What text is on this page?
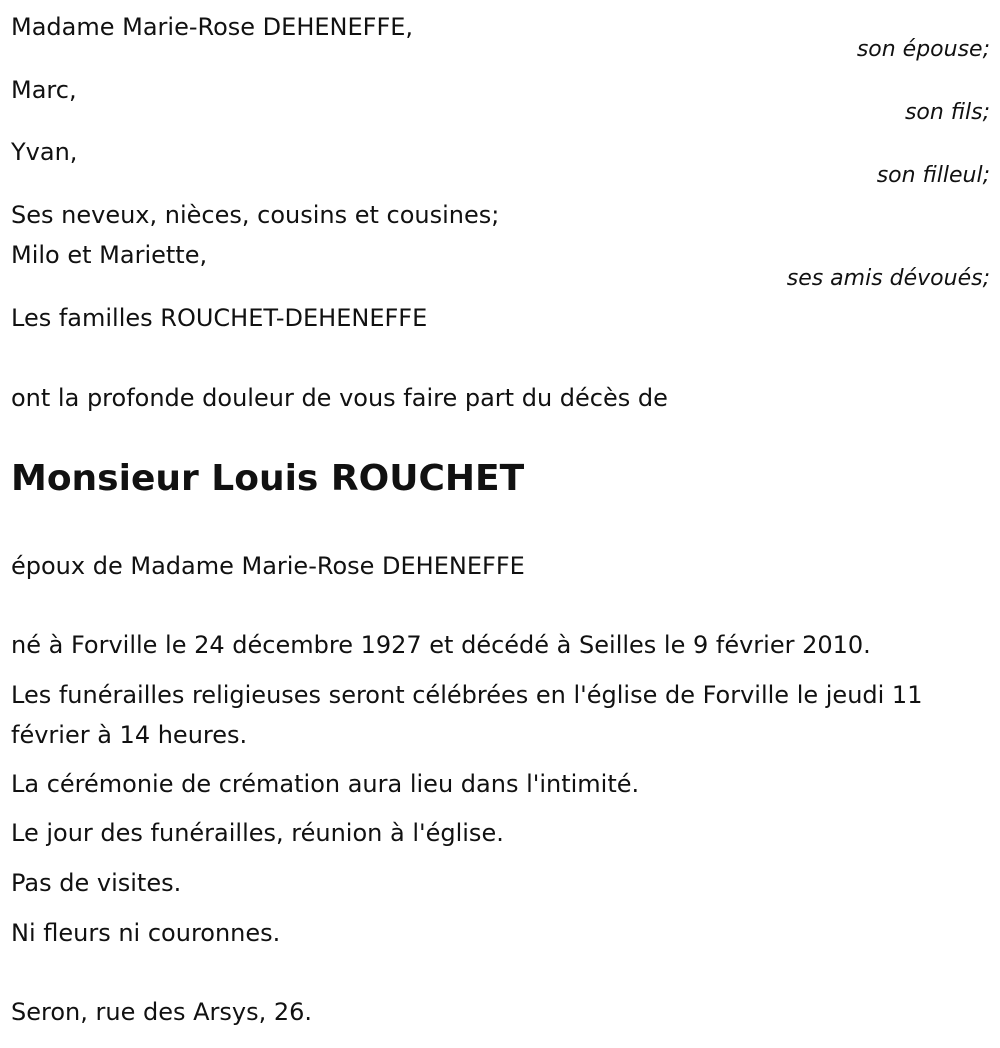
Madame Marie-Rose DEHENEFFE,
son épouse;
Marc,
son fils;
Yvan,
son filleul;
Ses neveux, nièces, cousins et cousines;
Milo et Mariette,
ses amis dévoués;
Les familles ROUCHET-DEHENEFFE
ont la profonde douleur de vous faire part du décès de
Monsieur Louis ROUCHET
époux de Madame Marie-Rose DEHENEFFE
né à Forville le 24 décembre 1927 et décédé à Seilles le 9 février 2010.
Les funérailles religieuses seront célébrées en l'église de Forville le jeudi 11 février à 14 heures.
La cérémonie de crémation aura lieu dans l'intimité.
Le jour des funérailles, réunion à l'église.
Pas de visites.
Ni fleurs ni couronnes.
Seron, rue des Arsys, 26.
